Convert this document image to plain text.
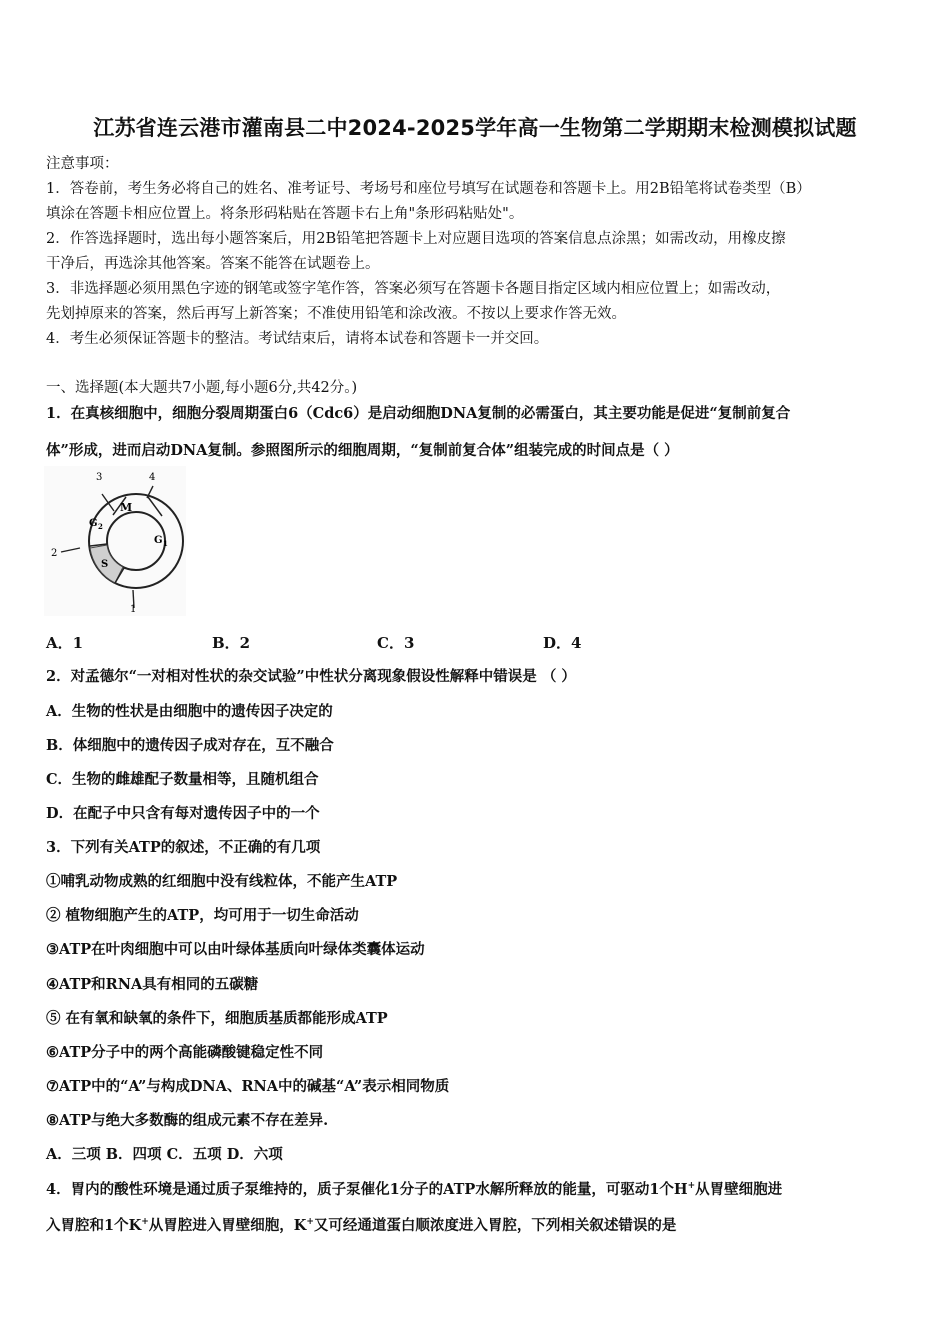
江苏省连云港市灌南县二中2024-2025学年高一生物第二学期期末检测模拟试题
注意事项：
1．答卷前，考生务必将自己的姓名、准考证号、考场号和座位号填写在试题卷和答题卡上。用2B铅笔将试卷类型（B）
填涂在答题卡相应位置上。将条形码粘贴在答题卡右上角"条形码粘贴处"。
2．作答选择题时，选出每小题答案后，用2B铅笔把答题卡上对应题目选项的答案信息点涂黑；如需改动，用橡皮擦
干净后，再选涂其他答案。答案不能答在试题卷上。
3．非选择题必须用黑色字迹的钢笔或签字笔作答，答案必须写在答题卡各题目指定区域内相应位置上；如需改动，
先划掉原来的答案，然后再写上新答案；不准使用铅笔和涂改液。不按以上要求作答无效。
4．考生必须保证答题卡的整洁。考试结束后，请将本试卷和答题卡一并交回。
一、选择题(本大题共7小题,每小题6分,共42分。)
1．在真核细胞中，细胞分裂周期蛋白6（Cdc6）是启动细胞DNA复制的必需蛋白，其主要功能是促进“复制前复合
体”形成，进而启动DNA复制。参照图所示的细胞周期，“复制前复合体”组装完成的时间点是（ ）
3	4
2
1
M
G 2
G 1
S
A．1	B．2	C．3	D．4
2．对孟德尔“一对相对性状的杂交试验”中性状分离现象假设性解释中错误是 （ ）
A．生物的性状是由细胞中的遗传因子决定的
B．体细胞中的遗传因子成对存在，互不融合
C．生物的雌雄配子数量相等，且随机组合
D．在配子中只含有每对遗传因子中的一个
3．下列有关ATP的叙述，不正确的有几项
①哺乳动物成熟的红细胞中没有线粒体，不能产生ATP
② 植物细胞产生的ATP，均可用于一切生命活动
③ATP在叶肉细胞中可以由叶绿体基质向叶绿体类囊体运动
④ATP和RNA具有相同的五碳糖
⑤ 在有氧和缺氧的条件下，细胞质基质都能形成ATP
⑥ATP分子中的两个高能磷酸键稳定性不同
⑦ATP中的“A”与构成DNA、RNA中的碱基“A”表示相同物质
⑧ATP与绝大多数酶的组成元素不存在差异.
A．三项 B．四项 C．五项 D．六项
4．胃内的酸性环境是通过质子泵维持的，质子泵催化1分子的ATP水解所释放的能量，可驱动1个H+从胃壁细胞进
入胃腔和1个K+从胃腔进入胃壁细胞，K+又可经通道蛋白顺浓度进入胃腔，下列相关叙述错误的是
